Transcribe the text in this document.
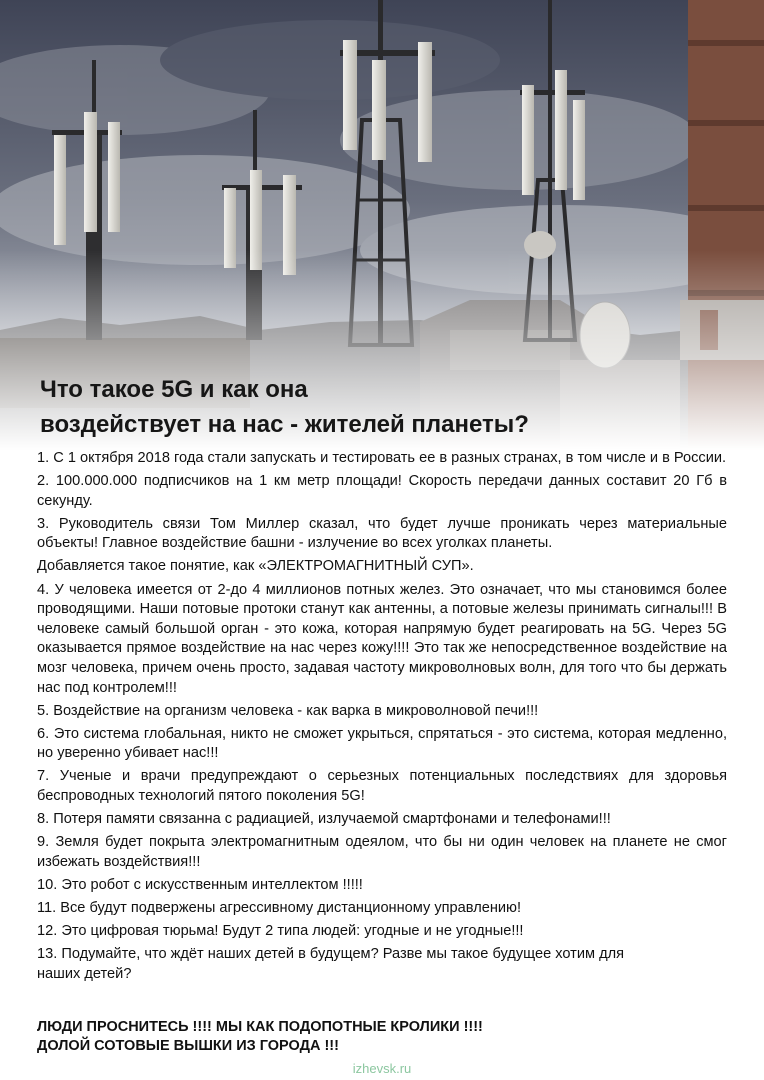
Что такое 5G и как она
воздействует на нас - жителей планеты?

1. С 1 октября 2018 года стали запускать и тестировать ее в разных странах, в том числе и в России.

2. 100.000.000 подписчиков на 1 км метр площади! Скорость передачи данных составит 20 Гб в секунду.

3. Руководитель связи Том Миллер сказал, что будет лучше проникать через материальные объекты! Главное воздействие башни - излучение во всех уголках планеты.

Добавляется такое понятие, как «ЭЛЕКТРОМАГНИТНЫЙ СУП».

4. У человека имеется от 2-до 4 миллионов потных желез. Это означает, что мы становимся более проводящими. Наши потовые протоки станут как антенны, а потовые железы принимать сигналы!!! В человеке самый большой орган - это кожа, которая напрямую будет реагировать на 5G. Через 5G оказывается прямое воздействие на нас через кожу!!!! Это так же непосредственное воздействие на мозг человека, причем очень просто, задавая частоту микроволновых волн, для того что бы держать нас под контролем!!!

5. Воздействие на организм человека - как варка в микроволновой печи!!!

6. Это система глобальная, никто не сможет укрыться, спрятаться - это система, которая медленно, но уверенно убивает нас!!!

7. Ученые и врачи предупреждают о серьезных потенциальных последствиях для здоровья беспроводных технологий пятого поколения 5G!

8. Потеря памяти связанна с радиацией, излучаемой смартфонами и телефонами!!!

9. Земля будет покрыта электромагнитным одеялом, что бы ни один человек на планете не смог избежать воздействия!!!

10. Это робот с искусственным интеллектом !!!!!

11. Все будут подвержены агрессивному дистанционному управлению!

12. Это цифровая тюрьма! Будут 2 типа людей: угодные и не угодные!!!

13. Подумайте, что ждёт наших детей в будущем? Разве мы такое будущее хотим для наших детей?

ЛЮДИ ПРОСНИТЕСЬ !!!! МЫ КАК ПОДОПОТНЫЕ КРОЛИКИ !!!!
ДОЛОЙ СОТОВЫЕ ВЫШКИ ИЗ ГОРОДА !!!
izhevsk.ru
